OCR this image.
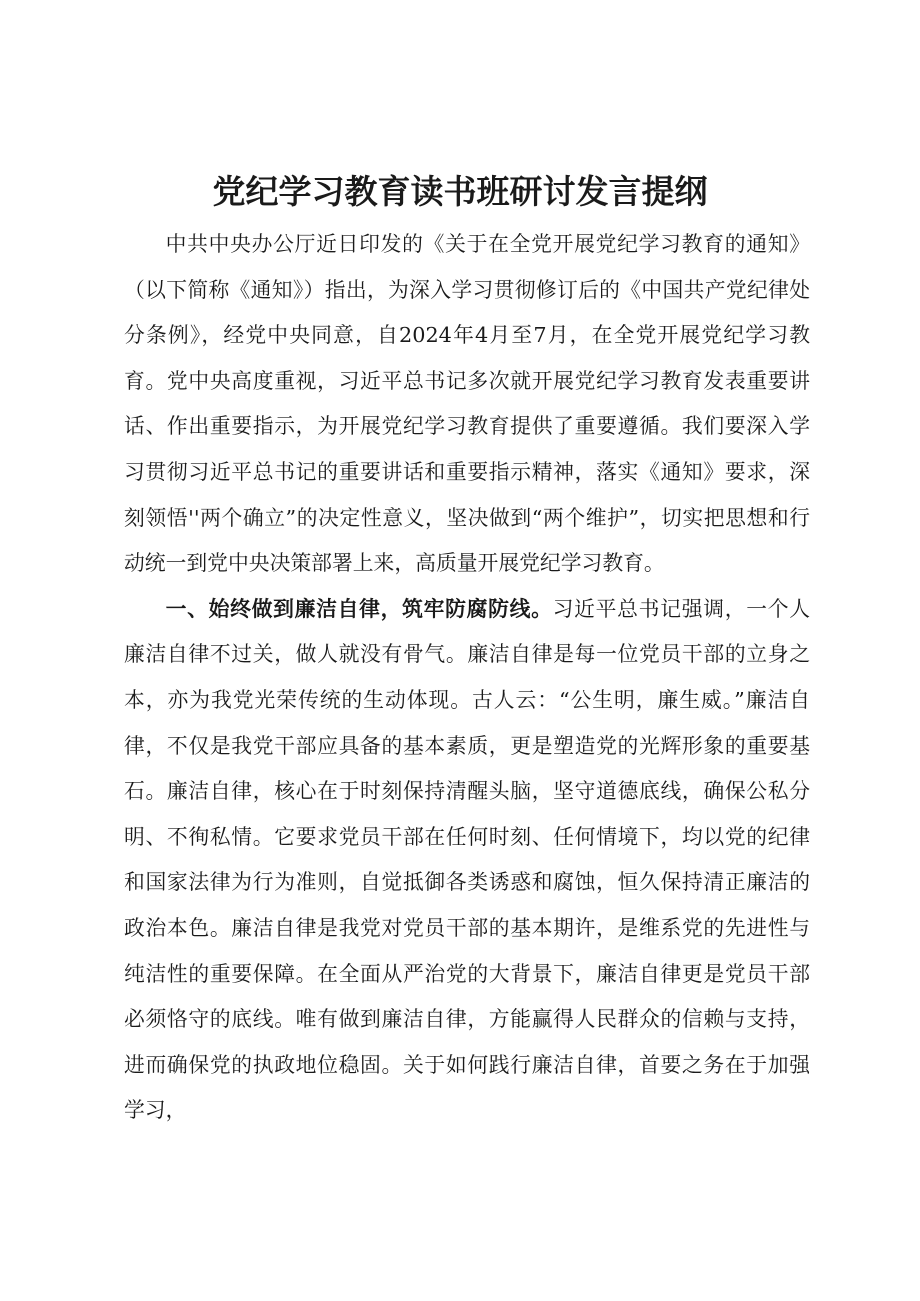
党纪学习教育读书班研讨发言提纲

中共中央办公厅近日印发的《关于在全党开展党纪学习教育的通知》（以下简称《通知》）指出，为深入学习贯彻修订后的《中国共产党纪律处分条例》，经党中央同意，自2024年4月至7月，在全党开展党纪学习教育。党中央高度重视，习近平总书记多次就开展党纪学习教育发表重要讲话、作出重要指示，为开展党纪学习教育提供了重要遵循。我们要深入学习贯彻习近平总书记的重要讲话和重要指示精神，落实《通知》要求，深刻领悟''两个确立”的决定性意义，坚决做到“两个维护”，切实把思想和行动统一到党中央决策部署上来，高质量开展党纪学习教育。

一、始终做到廉洁自律，筑牢防腐防线。习近平总书记强调，一个人廉洁自律不过关，做人就没有骨气。廉洁自律是每一位党员干部的立身之本，亦为我党光荣传统的生动体现。古人云：“公生明，廉生威。”廉洁自律，不仅是我党干部应具备的基本素质，更是塑造党的光辉形象的重要基石。廉洁自律，核心在于时刻保持清醒头脑，坚守道德底线，确保公私分明、不徇私情。它要求党员干部在任何时刻、任何情境下，均以党的纪律和国家法律为行为准则，自觉抵御各类诱惑和腐蚀，恒久保持清正廉洁的政治本色。廉洁自律是我党对党员干部的基本期许，是维系党的先进性与纯洁性的重要保障。在全面从严治党的大背景下，廉洁自律更是党员干部必须恪守的底线。唯有做到廉洁自律，方能赢得人民群众的信赖与支持，进而确保党的执政地位稳固。关于如何践行廉洁自律，首要之务在于加强学习，
